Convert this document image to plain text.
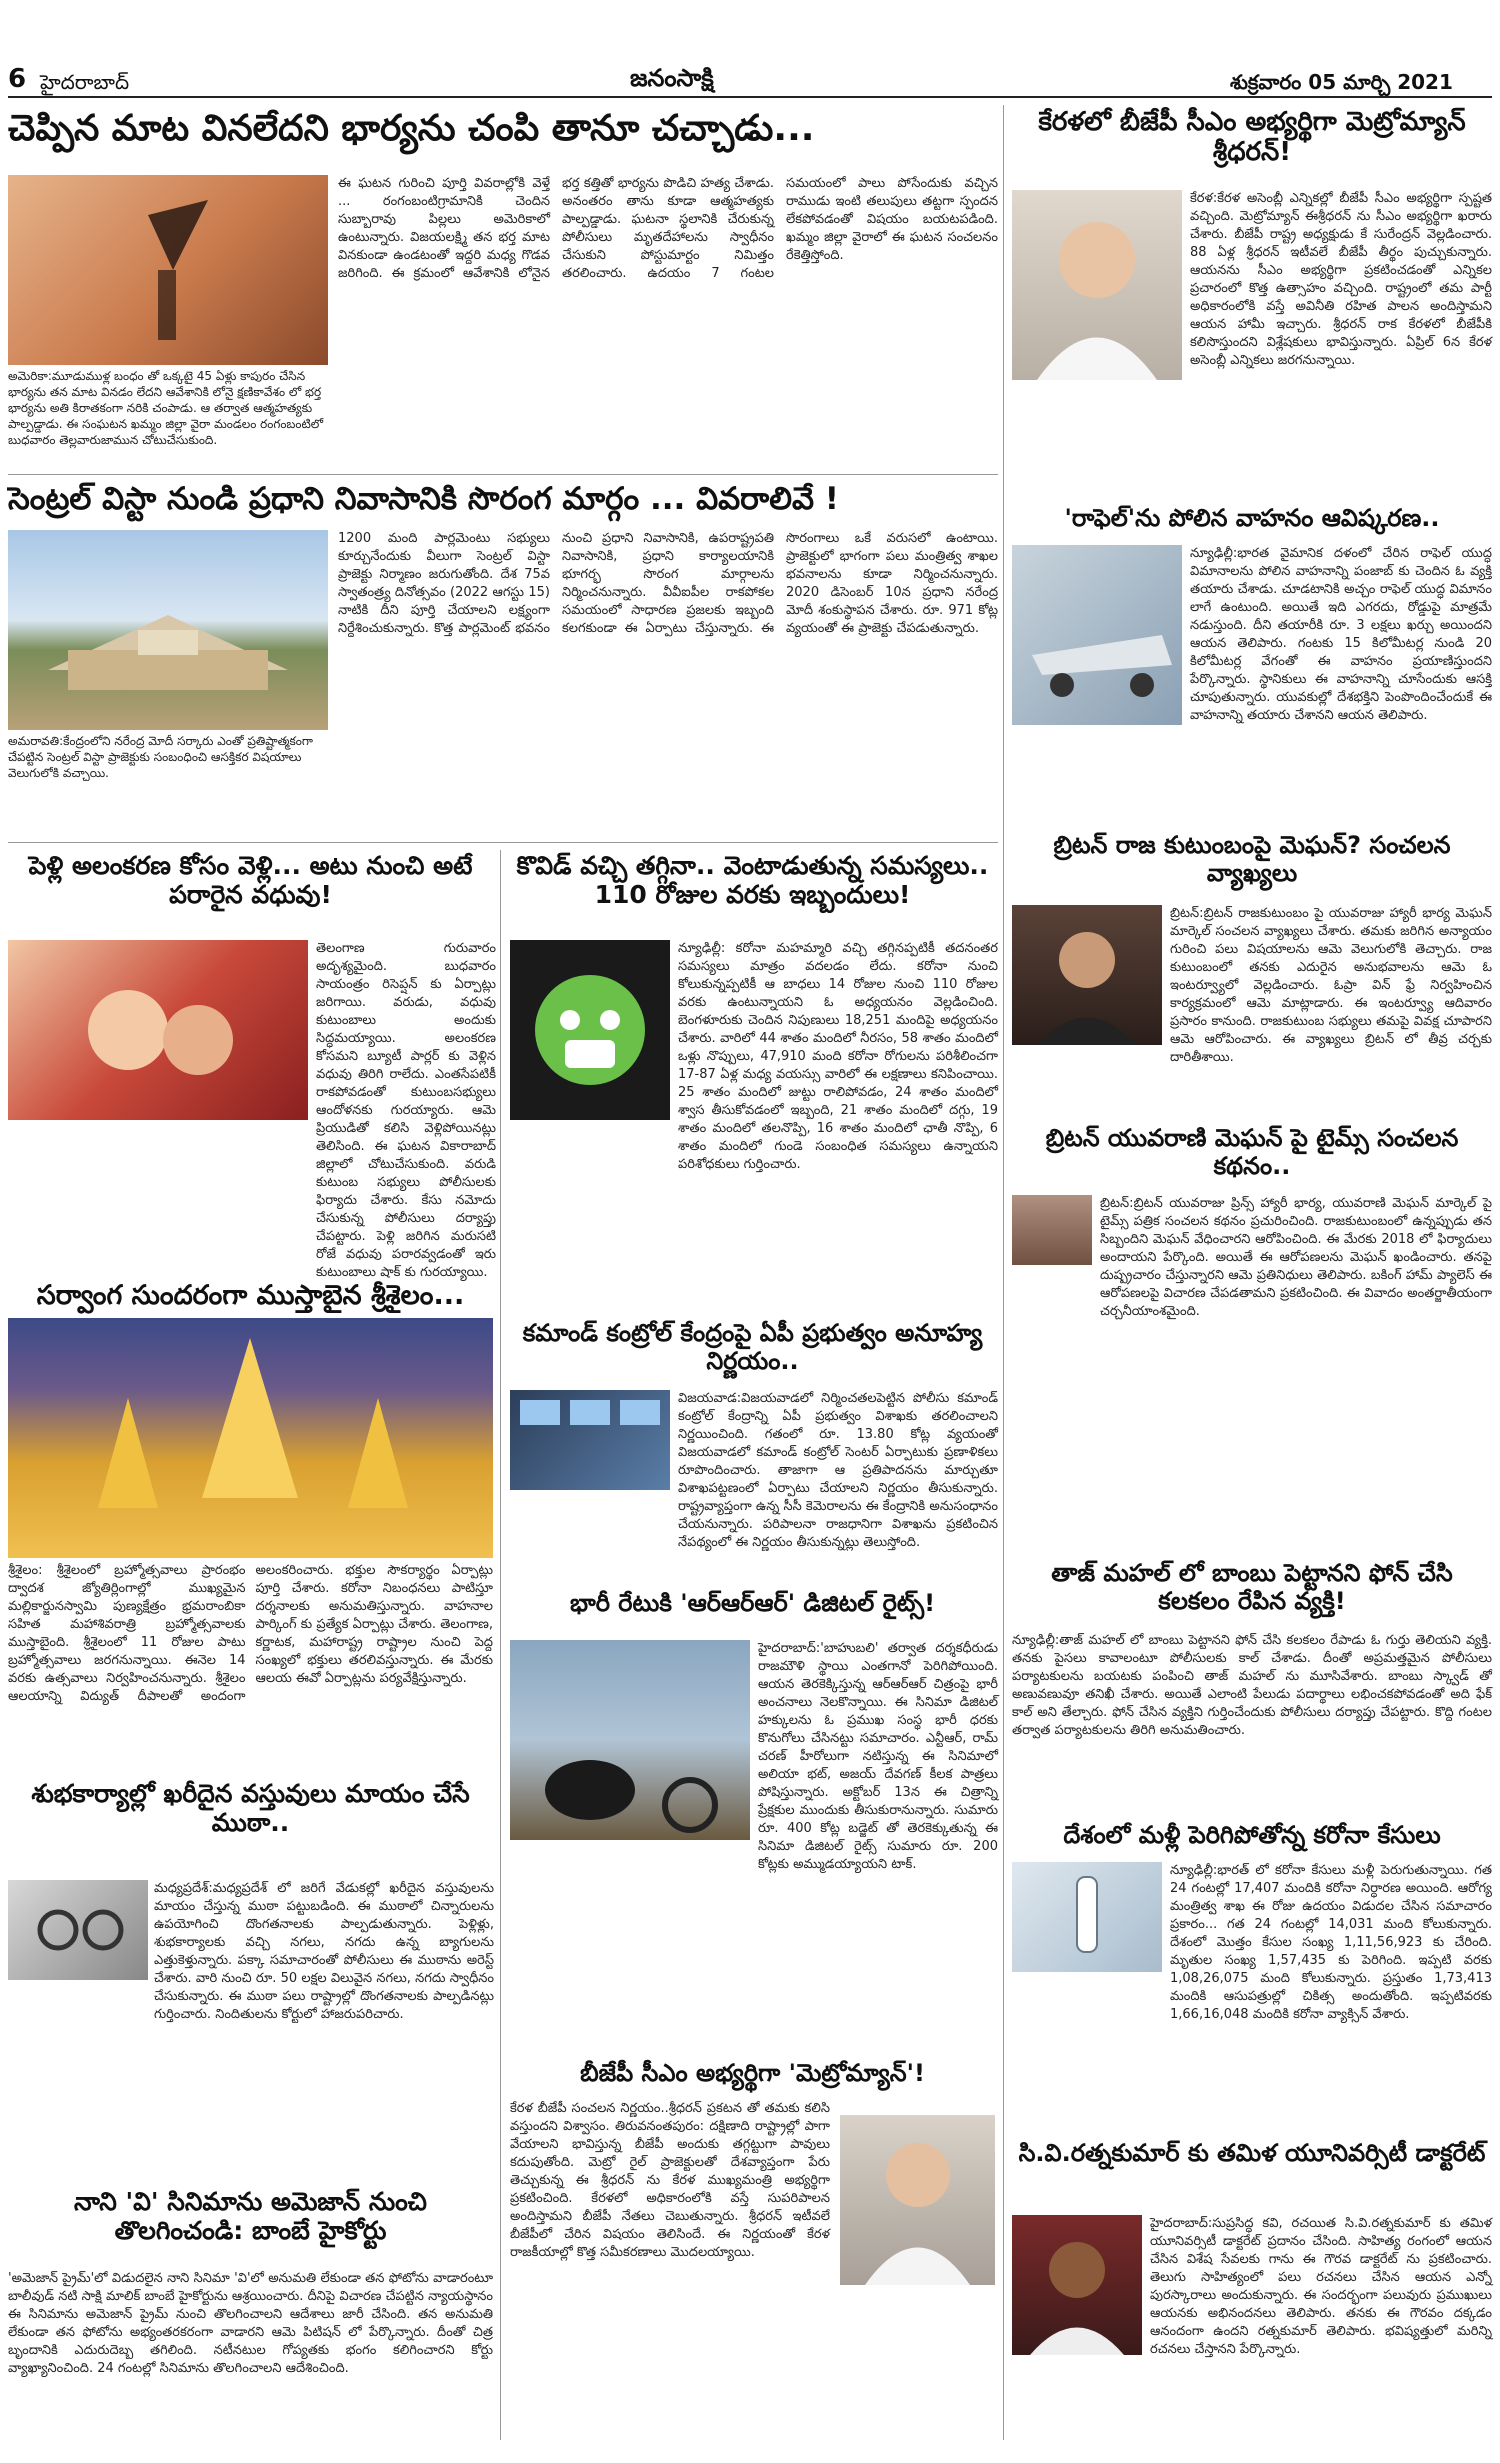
6 హైదరాబాద్	జనంసాక్షి	శుక్రవారం 05 మార్చి 2021
చెప్పిన మాట వినలేదని భార్యను చంపి తానూ చచ్చాడు...
అమెరికా:మూడుముళ్ల బంధం తో ఒక్కటై 45 ఏళ్లు కాపురం చేసిన భార్యను తన మాట వినడం లేదని ఆవేశానికి లోనై క్షణికావేశం లో భర్త భార్యను అతి కిరాతకంగా నరికి చంపాడు. ఆ తర్వాత ఆత్మహత్యకు పాల్పడ్డాడు. ఈ సంఘటన ఖమ్మం జిల్లా వైరా మండలం రంగంబంటిలో బుధవారం తెల్లవారుజామున చోటుచేసుకుంది.
ఈ ఘటన గురించి పూర్తి వివరాల్లోకి వెళ్తే ... రంగంబంటిగ్రామానికి చెందిన సుబ్బారావు పిల్లలు అమెరికాలో ఉంటున్నారు. విజయలక్ష్మి తన భర్త మాట వినకుండా ఉండటంతో ఇద్దరి మధ్య గొడవ జరిగింది. ఈ క్రమంలో ఆవేశానికి లోనైన భర్త కత్తితో భార్యను పొడిచి హత్య చేశాడు. అనంతరం తాను కూడా ఆత్మహత్యకు పాల్పడ్డాడు. ఘటనా స్థలానికి చేరుకున్న పోలీసులు మృతదేహాలను స్వాధీనం చేసుకుని పోస్టుమార్టం నిమిత్తం తరలించారు. ఉదయం 7 గంటల సమయంలో పాలు పోసేందుకు వచ్చిన రాముడు ఇంటి తలుపులు తట్టగా స్పందన లేకపోవడంతో విషయం బయటపడింది. ఖమ్మం జిల్లా వైరాలో ఈ ఘటన సంచలనం రేకెత్తిస్తోంది.
సెంట్రల్ విస్టా నుండి ప్రధాని నివాసానికి సొరంగ మార్గం ... వివరాలివే !
అమరావతి:కేంద్రంలోని నరేంద్ర మోదీ సర్కారు ఎంతో ప్రతిష్టాత్మకంగా చేపట్టిన సెంట్రల్ విస్టా ప్రాజెక్టుకు సంబంధించి ఆసక్తికర విషయాలు వెలుగులోకి వచ్చాయి.
1200 మంది పార్లమెంటు సభ్యులు కూర్చునేందుకు వీలుగా సెంట్రల్ విస్టా ప్రాజెక్టు నిర్మాణం జరుగుతోంది. దేశ 75వ స్వాతంత్ర్య దినోత్సవం (2022 ఆగస్టు 15) నాటికి దీని పూర్తి చేయాలని లక్ష్యంగా నిర్దేశించుకున్నారు. కొత్త పార్లమెంట్ భవనం నుంచి ప్రధాని నివాసానికి, ఉపరాష్ట్రపతి నివాసానికి, ప్రధాని కార్యాలయానికి భూగర్భ సొరంగ మార్గాలను నిర్మించనున్నారు. వీవీఐపీల రాకపోకల సమయంలో సాధారణ ప్రజలకు ఇబ్బంది కలగకుండా ఈ ఏర్పాటు చేస్తున్నారు. ఈ సొరంగాలు ఒకే వరుసలో ఉంటాయి. ప్రాజెక్టులో భాగంగా పలు మంత్రిత్వ శాఖల భవనాలను కూడా నిర్మించనున్నారు. 2020 డిసెంబర్ 10న ప్రధాని నరేంద్ర మోదీ శంకుస్థాపన చేశారు. రూ. 971 కోట్ల వ్యయంతో ఈ ప్రాజెక్టు చేపడుతున్నారు.
పెళ్లి అలంకరణ కోసం వెళ్లి... అటు నుంచి అటే పరారైన వధువు!
తెలంగాణ గురువారం అదృశ్యమైంది. బుధవారం సాయంత్రం రిసెప్షన్ కు ఏర్పాట్లు జరిగాయి. వరుడు, వధువు కుటుంబాలు అందుకు సిద్ధమయ్యాయి. అలంకరణ కోసమని బ్యూటీ పార్లర్ కు వెళ్లిన వధువు తిరిగి రాలేదు. ఎంతసేపటికీ రాకపోవడంతో కుటుంబసభ్యులు ఆందోళనకు గురయ్యారు. ఆమె ప్రియుడితో కలిసి వెళ్లిపోయినట్లు తెలిసింది. ఈ ఘటన వికారాబాద్ జిల్లాలో చోటుచేసుకుంది. వరుడి కుటుంబ సభ్యులు పోలీసులకు ఫిర్యాదు చేశారు. కేసు నమోదు చేసుకున్న పోలీసులు దర్యాప్తు చేపట్టారు. పెళ్లి జరిగిన మరుసటి రోజే వధువు పరారవ్వడంతో ఇరు కుటుంబాలు షాక్ కు గురయ్యాయి.
సర్వాంగ సుందరంగా ముస్తాబైన శ్రీశైలం...
శ్రీశైలం: శ్రీశైలంలో బ్రహ్మోత్సవాలు ప్రారంభం ద్వాదశ జ్యోతిర్లింగాల్లో ముఖ్యమైన మల్లికార్జునస్వామి పుణ్యక్షేత్రం భ్రమరాంబికా సహిత మహాశివరాత్రి బ్రహ్మోత్సవాలకు ముస్తాబైంది. శ్రీశైలంలో 11 రోజుల పాటు బ్రహ్మోత్సవాలు జరగనున్నాయి. ఈనెల 14 వరకు ఉత్సవాలు నిర్వహించనున్నారు. శ్రీశైలం ఆలయాన్ని విద్యుత్ దీపాలతో అందంగా అలంకరించారు. భక్తుల సౌకర్యార్థం ఏర్పాట్లు పూర్తి చేశారు. కరోనా నిబంధనలు పాటిస్తూ దర్శనాలకు అనుమతిస్తున్నారు. వాహనాల పార్కింగ్ కు ప్రత్యేక ఏర్పాట్లు చేశారు. తెలంగాణ, కర్ణాటక, మహారాష్ట్ర రాష్ట్రాల నుంచి పెద్ద సంఖ్యలో భక్తులు తరలివస్తున్నారు. ఈ మేరకు ఆలయ ఈవో ఏర్పాట్లను పర్యవేక్షిస్తున్నారు.
శుభకార్యాల్లో ఖరీదైన వస్తువులు మాయం చేసే ముఠా..
మధ్యప్రదేశ్:మధ్యప్రదేశ్ లో జరిగే వేడుకల్లో ఖరీదైన వస్తువులను మాయం చేస్తున్న ముఠా పట్టుబడింది. ఈ ముఠాలో చిన్నారులను ఉపయోగించి దొంగతనాలకు పాల్పడుతున్నారు. పెళ్లిళ్లు, శుభకార్యాలకు వచ్చి నగలు, నగదు ఉన్న బ్యాగులను ఎత్తుకెళ్తున్నారు. పక్కా సమాచారంతో పోలీసులు ఈ ముఠాను అరెస్ట్ చేశారు. వారి నుంచి రూ. 50 లక్షల విలువైన నగలు, నగదు స్వాధీనం చేసుకున్నారు. ఈ ముఠా పలు రాష్ట్రాల్లో దొంగతనాలకు పాల్పడినట్లు గుర్తించారు. నిందితులను కోర్టులో హాజరుపరిచారు.
నాని 'వి' సినిమాను అమెజాన్ నుంచి తొలగించండి: బాంబే హైకోర్టు
'అమెజాన్ ప్రైమ్'లో విడుదలైన నాని సినిమా 'వి'లో అనుమతి లేకుండా తన ఫోటోను వాడారంటూ బాలీవుడ్ నటి సాక్షి మాలిక్ బాంబే హైకోర్టును ఆశ్రయించారు. దీనిపై విచారణ చేపట్టిన న్యాయస్థానం ఈ సినిమాను అమెజాన్ ప్రైమ్ నుంచి తొలగించాలని ఆదేశాలు జారీ చేసింది. తన అనుమతి లేకుండా తన ఫోటోను అభ్యంతరకరంగా వాడారని ఆమె పిటిషన్ లో పేర్కొన్నారు. దీంతో చిత్ర బృందానికి ఎదురుదెబ్బ తగిలింది. నటీనటుల గోప్యతకు భంగం కలిగించారని కోర్టు వ్యాఖ్యానించింది. 24 గంటల్లో సినిమాను తొలగించాలని ఆదేశించింది.
కొవిడ్ వచ్చి తగ్గినా.. వెంటాడుతున్న సమస్యలు.. 110 రోజుల వరకు ఇబ్బందులు!
న్యూఢిల్లీ: కరోనా మహమ్మారి వచ్చి తగ్గినప్పటికీ తదనంతర సమస్యలు మాత్రం వదలడం లేదు. కరోనా నుంచి కోలుకున్నప్పటికీ ఆ బాధలు 14 రోజుల నుంచి 110 రోజుల వరకు ఉంటున్నాయని ఓ అధ్యయనం వెల్లడించింది. బెంగళూరుకు చెందిన నిపుణులు 18,251 మందిపై అధ్యయనం చేశారు. వారిలో 44 శాతం మందిలో నీరసం, 58 శాతం మందిలో ఒళ్లు నొప్పులు, 47,910 మంది కరోనా రోగులను పరిశీలించగా 17-87 ఏళ్ల మధ్య వయస్సు వారిలో ఈ లక్షణాలు కనిపించాయి. 25 శాతం మందిలో జుట్టు రాలిపోవడం, 24 శాతం మందిలో శ్వాస తీసుకోవడంలో ఇబ్బంది, 21 శాతం మందిలో దగ్గు, 19 శాతం మందిలో తలనొప్పి, 16 శాతం మందిలో ఛాతీ నొప్పి, 6 శాతం మందిలో గుండె సంబంధిత సమస్యలు ఉన్నాయని పరిశోధకులు గుర్తించారు.
కమాండ్ కంట్రోల్ కేంద్రంపై ఏపీ ప్రభుత్వం అనూహ్య నిర్ణయం..
విజయవాడ:విజయవాడలో నిర్మించతలపెట్టిన పోలీసు కమాండ్ కంట్రోల్ కేంద్రాన్ని ఏపీ ప్రభుత్వం విశాఖకు తరలించాలని నిర్ణయించింది. గతంలో రూ. 13.80 కోట్ల వ్యయంతో విజయవాడలో కమాండ్ కంట్రోల్ సెంటర్ ఏర్పాటుకు ప్రణాళికలు రూపొందించారు. తాజాగా ఆ ప్రతిపాదనను మార్చుతూ విశాఖపట్టణంలో ఏర్పాటు చేయాలని నిర్ణయం తీసుకున్నారు. రాష్ట్రవ్యాప్తంగా ఉన్న సీసీ కెమెరాలను ఈ కేంద్రానికి అనుసంధానం చేయనున్నారు. పరిపాలనా రాజధానిగా విశాఖను ప్రకటించిన నేపథ్యంలో ఈ నిర్ణయం తీసుకున్నట్లు తెలుస్తోంది.
భారీ రేటుకి 'ఆర్ఆర్ఆర్' డిజిటల్ రైట్స్!
హైదరాబాద్:'బాహుబలి' తర్వాత దర్శకధీరుడు రాజమౌళి స్థాయి ఎంతగానో పెరిగిపోయింది. ఆయన తెరకెక్కిస్తున్న ఆర్ఆర్ఆర్ చిత్రంపై భారీ అంచనాలు నెలకొన్నాయి. ఈ సినిమా డిజిటల్ హక్కులను ఓ ప్రముఖ సంస్థ భారీ ధరకు కొనుగోలు చేసినట్టు సమాచారం. ఎన్టీఆర్, రామ్ చరణ్ హీరోలుగా నటిస్తున్న ఈ సినిమాలో అలియా భట్, అజయ్ దేవగణ్ కీలక పాత్రలు పోషిస్తున్నారు. అక్టోబర్ 13న ఈ చిత్రాన్ని ప్రేక్షకుల ముందుకు తీసుకురానున్నారు. సుమారు రూ. 400 కోట్ల బడ్జెట్ తో తెరకెక్కుతున్న ఈ సినిమా డిజిటల్ రైట్స్ సుమారు రూ. 200 కోట్లకు అమ్ముడయ్యాయని టాక్.
బీజేపీ సీఎం అభ్యర్థిగా 'మెట్రోమ్యాన్'!
కేరళ బీజేపీ సంచలన నిర్ణయం..శ్రీధరన్ ప్రకటన తో తమకు కలిసి వస్తుందని విశ్వాసం. తిరువనంతపురం: దక్షిణాది రాష్ట్రాల్లో పాగా వేయాలని భావిస్తున్న బీజేపీ అందుకు తగ్గట్టుగా పావులు కదుపుతోంది. మెట్రో రైల్ ప్రాజెక్టులతో దేశవ్యాప్తంగా పేరు తెచ్చుకున్న ఈ శ్రీధరన్ ను కేరళ ముఖ్యమంత్రి అభ్యర్థిగా ప్రకటించింది. కేరళలో అధికారంలోకి వస్తే సుపరిపాలన అందిస్తామని బీజేపీ నేతలు చెబుతున్నారు. శ్రీధరన్ ఇటీవలే బీజేపీలో చేరిన విషయం తెలిసిందే. ఈ నిర్ణయంతో కేరళ రాజకీయాల్లో కొత్త సమీకరణాలు మొదలయ్యాయి.
కేరళలో బీజేపీ సీఎం అభ్యర్థిగా మెట్రోమ్యాన్ శ్రీధరన్!
కేరళ:కేరళ అసెంబ్లీ ఎన్నికల్లో బీజేపీ సీఎం అభ్యర్థిగా స్పష్టత వచ్చింది. మెట్రోమ్యాన్ ఈశ్రీధరన్ ను సీఎం అభ్యర్థిగా ఖరారు చేశారు. బీజేపీ రాష్ట్ర అధ్యక్షుడు కే సురేంద్రన్ వెల్లడించారు. 88 ఏళ్ల శ్రీధరన్ ఇటీవలే బీజేపీ తీర్థం పుచ్చుకున్నారు. ఆయనను సీఎం అభ్యర్థిగా ప్రకటించడంతో ఎన్నికల ప్రచారంలో కొత్త ఉత్సాహం వచ్చింది. రాష్ట్రంలో తమ పార్టీ అధికారంలోకి వస్తే అవినీతి రహిత పాలన అందిస్తామని ఆయన హామీ ఇచ్చారు. శ్రీధరన్ రాక కేరళలో బీజేపీకి కలిసొస్తుందని విశ్లేషకులు భావిస్తున్నారు. ఏప్రిల్ 6న కేరళ అసెంబ్లీ ఎన్నికలు జరగనున్నాయి.
'రాఫెల్'ను పోలిన వాహనం ఆవిష్కరణ..
న్యూఢిల్లీ:భారత వైమానిక దళంలో చేరిన రాఫెల్ యుద్ధ విమానాలను పోలిన వాహనాన్ని పంజాబ్ కు చెందిన ఓ వ్యక్తి తయారు చేశాడు. చూడటానికి అచ్చం రాఫెల్ యుద్ధ విమానం లాగే ఉంటుంది. అయితే ఇది ఎగరదు, రోడ్డుపై మాత్రమే నడుస్తుంది. దీని తయారీకి రూ. 3 లక్షలు ఖర్చు అయిందని ఆయన తెలిపారు. గంటకు 15 కిలోమీటర్ల నుండి 20 కిలోమీటర్ల వేగంతో ఈ వాహనం ప్రయాణిస్తుందని పేర్కొన్నారు. స్థానికులు ఈ వాహనాన్ని చూసేందుకు ఆసక్తి చూపుతున్నారు. యువకుల్లో దేశభక్తిని పెంపొందించేందుకే ఈ వాహనాన్ని తయారు చేశానని ఆయన తెలిపారు.
బ్రిటన్ రాజ కుటుంబంపై మెఘన్? సంచలన వ్యాఖ్యలు
బ్రిటన్:బ్రిటన్ రాజకుటుంబం పై యువరాజు హ్యారీ భార్య మెఘన్ మార్కెల్ సంచలన వ్యాఖ్యలు చేశారు. తమకు జరిగిన అన్యాయం గురించి పలు విషయాలను ఆమె వెలుగులోకి తెచ్చారు. రాజ కుటుంబంలో తనకు ఎదురైన అనుభవాలను ఆమె ఓ ఇంటర్వ్యూలో వెల్లడించారు. ఓప్రా విన్ ఫ్రే నిర్వహించిన కార్యక్రమంలో ఆమె మాట్లాడారు. ఈ ఇంటర్వ్యూ ఆదివారం ప్రసారం కానుంది. రాజకుటుంబ సభ్యులు తమపై వివక్ష చూపారని ఆమె ఆరోపించారు. ఈ వ్యాఖ్యలు బ్రిటన్ లో తీవ్ర చర్చకు దారితీశాయి.
బ్రిటన్ యువరాణి మెఘన్ పై టైమ్స్ సంచలన కథనం..
బ్రిటన్:బ్రిటన్ యువరాజు ప్రిన్స్ హ్యారీ భార్య, యువరాణి మెఘన్ మార్కెల్ పై టైమ్స్ పత్రిక సంచలన కథనం ప్రచురించింది. రాజకుటుంబంలో ఉన్నప్పుడు తన సిబ్బందిని మెఘన్ వేధించారని ఆరోపించింది. ఈ మేరకు 2018 లో ఫిర్యాదులు అందాయని పేర్కొంది. అయితే ఈ ఆరోపణలను మెఘన్ ఖండించారు. తనపై దుష్ప్రచారం చేస్తున్నారని ఆమె ప్రతినిధులు తెలిపారు. బకింగ్ హామ్ ప్యాలెస్ ఈ ఆరోపణలపై విచారణ చేపడతామని ప్రకటించింది. ఈ వివాదం అంతర్జాతీయంగా చర్చనీయాంశమైంది.
తాజ్ మహల్ లో బాంబు పెట్టానని ఫోన్ చేసి కలకలం రేపిన వ్యక్తి!
న్యూఢిల్లీ:తాజ్ మహల్ లో బాంబు పెట్టానని ఫోన్ చేసి కలకలం రేపాడు ఓ గుర్తు తెలియని వ్యక్తి. తనకు పైసలు కావాలంటూ పోలీసులకు కాల్ చేశాడు. దీంతో అప్రమత్తమైన పోలీసులు పర్యాటకులను బయటకు పంపించి తాజ్ మహల్ ను మూసివేశారు. బాంబు స్క్వాడ్ తో అణువణువూ తనిఖీ చేశారు. అయితే ఎలాంటి పేలుడు పదార్థాలు లభించకపోవడంతో అది ఫేక్ కాల్ అని తేల్చారు. ఫోన్ చేసిన వ్యక్తిని గుర్తించేందుకు పోలీసులు దర్యాప్తు చేపట్టారు. కొద్ది గంటల తర్వాత పర్యాటకులను తిరిగి అనుమతించారు.
దేశంలో మళ్లీ పెరిగిపోతోన్న కరోనా కేసులు
న్యూఢిల్లీ:భారత్ లో కరోనా కేసులు మళ్లీ పెరుగుతున్నాయి. గత 24 గంటల్లో 17,407 మందికి కరోనా నిర్ధారణ అయింది. ఆరోగ్య మంత్రిత్వ శాఖ ఈ రోజు ఉదయం విడుదల చేసిన సమాచారం ప్రకారం... గత 24 గంటల్లో 14,031 మంది కోలుకున్నారు. దేశంలో మొత్తం కేసుల సంఖ్య 1,11,56,923 కు చేరింది. మృతుల సంఖ్య 1,57,435 కు పెరిగింది. ఇప్పటి వరకు 1,08,26,075 మంది కోలుకున్నారు. ప్రస్తుతం 1,73,413 మందికి ఆసుపత్రుల్లో చికిత్స అందుతోంది. ఇప్పటివరకు 1,66,16,048 మందికి కరోనా వ్యాక్సిన్ వేశారు.
సి.వి.రత్నకుమార్ కు తమిళ యూనివర్సిటీ డాక్టరేట్
హైదరాబాద్:సుప్రసిద్ధ కవి, రచయిత సి.వి.రత్నకుమార్ కు తమిళ యూనివర్సిటీ డాక్టరేట్ ప్రదానం చేసింది. సాహిత్య రంగంలో ఆయన చేసిన విశేష సేవలకు గాను ఈ గౌరవ డాక్టరేట్ ను ప్రకటించారు. తెలుగు సాహిత్యంలో పలు రచనలు చేసిన ఆయన ఎన్నో పురస్కారాలు అందుకున్నారు. ఈ సందర్భంగా పలువురు ప్రముఖులు ఆయనకు అభినందనలు తెలిపారు. తనకు ఈ గౌరవం దక్కడం ఆనందంగా ఉందని రత్నకుమార్ తెలిపారు. భవిష్యత్తులో మరిన్ని రచనలు చేస్తానని పేర్కొన్నారు.
